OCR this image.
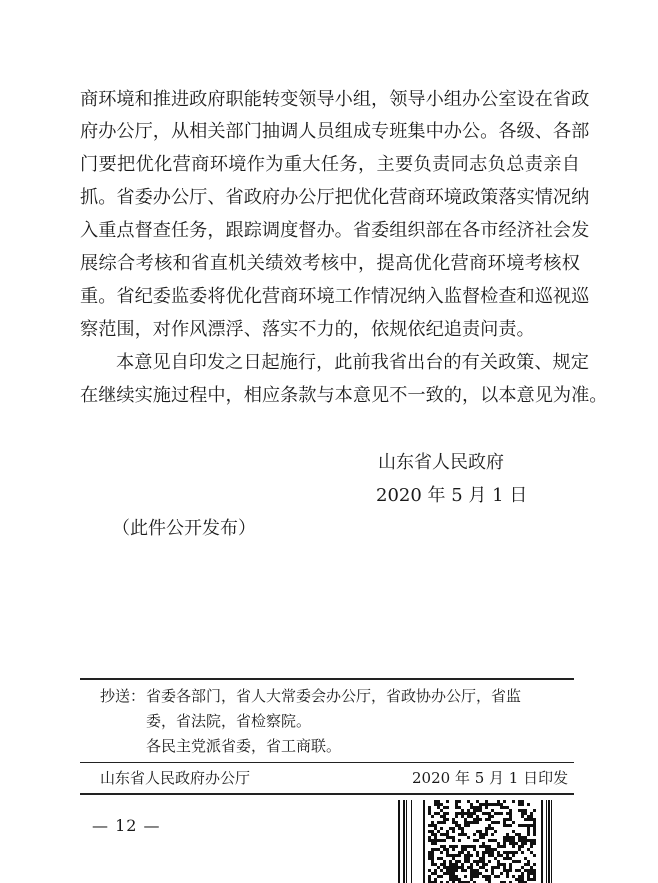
商环境和推进政府职能转变领导小组，领导小组办公室设在省政
府办公厅，从相关部门抽调人员组成专班集中办公。各级、各部
门要把优化营商环境作为重大任务，主要负责同志负总责亲自
抓。省委办公厅、省政府办公厅把优化营商环境政策落实情况纳
入重点督查任务，跟踪调度督办。省委组织部在各市经济社会发
展综合考核和省直机关绩效考核中，提高优化营商环境考核权
重。省纪委监委将优化营商环境工作情况纳入监督检查和巡视巡
察范围，对作风漂浮、落实不力的，依规依纪追责问责。
本意见自印发之日起施行，此前我省出台的有关政策、规定
在继续实施过程中，相应条款与本意见不一致的，以本意见为准。
山东省人民政府
2020 年 5 月 1 日
（此件公开发布）
抄送： 省委各部门，省人大常委会办公厅，省政协办公厅，省监
委，省法院，省检察院。
各民主党派省委，省工商联。
山东省人民政府办公厅	2020 年 5 月 1 日印发
— 12 —
